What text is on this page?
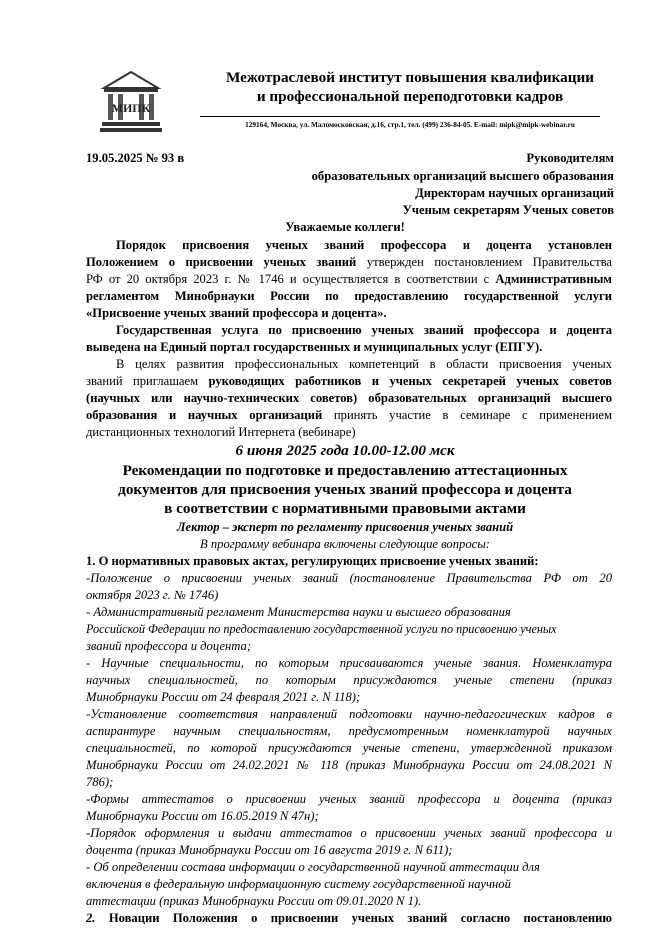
МИПК
Межотраслевой институт повышения квалификации
и профессиональной переподготовки кадров
129164, Москва, ул. Маломосковская, д.16, стр.1, тел. (499) 236-84-05. E-mail: mipk@mipk-webinar.ru
19.05.2025 № 93 в	Руководителям
образовательных организаций высшего образования
Директорам научных организаций
Ученым секретарям Ученых советов
Уважаемые коллеги!
Порядок присвоения ученых званий профессора и доцента установлен
Положением о присвоении ученых званий утвержден постановлением Правительства
РФ от 20 октября 2023 г. № 1746 и осуществляется в соответствии с Административным
регламентом Минобрнауки России по предоставлению государственной услуги
«Присвоение ученых званий профессора и доцента».
Государственная услуга по присвоению ученых званий профессора и доцента
выведена на Единый портал государственных и муниципальных услуг (ЕПГУ).
В целях развития профессиональных компетенций в области присвоения ученых
званий приглашаем руководящих работников и ученых секретарей ученых советов
(научных или научно-технических советов) образовательных организаций высшего
образования и научных организаций принять участие в семинаре с применением
дистанционных технологий Интернета (вебинаре)
6 июня 2025 года 10.00-12.00 мск
Рекомендации по подготовке и предоставлению аттестационных
документов для присвоения ученых званий профессора и доцента
в соответствии с нормативными правовыми актами
Лектор – эксперт по регламенту присвоения ученых званий
В программу вебинара включены следующие вопросы:
1. О нормативных правовых актах, регулирующих присвоение ученых званий:
-Положение о присвоении ученых званий (постановление Правительства РФ от 20
октября 2023 г. № 1746)
- Административный регламент Министерства науки и высшего образования
Российской Федерации по предоставлению государственной услуги по присвоению ученых
званий профессора и доцента;
- Научные специальности, по которым присваиваются ученые звания. Номенклатура
научных специальностей, по которым присуждаются ученые степени (приказ
Минобрнауки России от 24 февраля 2021 г. N 118);
-Установление соответствия направлений подготовки научно-педагогических кадров в
аспирантуре научным специальностям, предусмотренным номенклатурой научных
специальностей, по которой присуждаются ученые степени, утвержденной приказом
Минобрнауки России от 24.02.2021 № 118 (приказ Минобрнауки России от 24.08.2021 N
786);
-Формы аттестатов о присвоении ученых званий профессора и доцента (приказ
Минобрнауки России от 16.05.2019 N 47н);
-Порядок оформления и выдачи аттестатов о присвоении ученых званий профессора и
доцента (приказ Минобрнауки России от 16 августа 2019 г. N 611);
- Об определении состава информации о государственной научной аттестации для
включения в федеральную информационную систему государственной научной
аттестации (приказ Минобрнауки России от 09.01.2020 N 1).
2. Новации Положения о присвоении ученых званий согласно постановлению
